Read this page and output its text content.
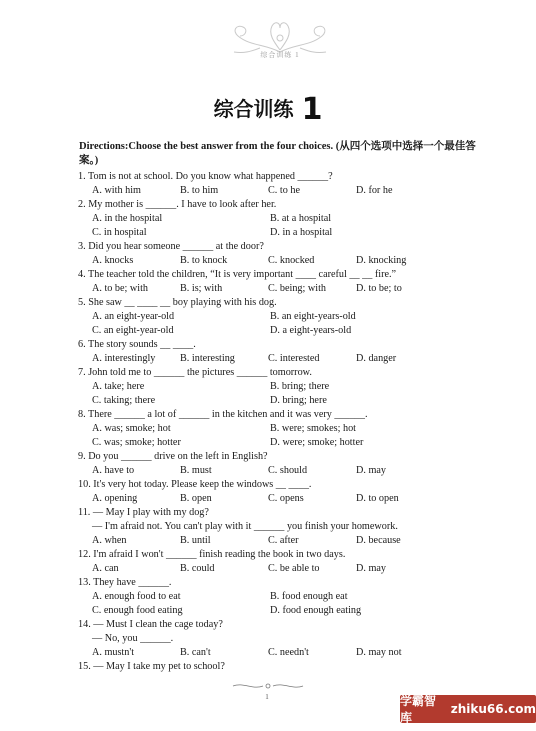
综合训练 1
综合训练 1
Directions:Choose the best answer from the four choices. (从四个选项中选择一个最佳答案。)
1. Tom is not at school. Do you know what happened ______?
A. with him	B. to him	C. to he	D. for he
2. My mother is ______. I have to look after her.
A. in the hospital	B. at a hospital
C. in hospital	D. in a hospital
3. Did you hear someone ______ at the door?
A. knocks	B. to knock	C. knocked	D. knocking
4. The teacher told the children, “It is very important ____ careful __ __ fire.”
A. to be; with	B. is; with	C. being; with	D. to be; to
5. She saw __ ____ __ boy playing with his dog.
A. an eight-year-old	B. an eight-years-old
C. an eight-year-old	D. a eight-years-old
6. The story sounds __ ____.
A. interestingly	B. interesting	C. interested	D. danger
7. John told me to ______ the pictures ______ tomorrow.
A. take; here	B. bring; there
C. taking; there	D. bring; here
8. There ______ a lot of ______ in the kitchen and it was very ______.
A. was; smoke; hot	B. were; smokes; hot
C. was; smoke; hotter	D. were; smoke; hotter
9. Do you ______ drive on the left in English?
A. have to	B. must	C. should	D. may
10. It's very hot today. Please keep the windows __ ____.
A. opening	B. open	C. opens	D. to open
11. — May I play with my dog?
— I'm afraid not. You can't play with it ______ you finish your homework.
A. when	B. until	C. after	D. because
12. I'm afraid I won't ______ finish reading the book in two days.
A. can	B. could	C. be able to	D. may
13. They have ______.
A. enough food to eat	B. food enough eat
C. enough food eating	D. food enough eating
14. — Must I clean the cage today?
— No, you ______.
A. mustn't	B. can't	C. needn't	D. may not
15. — May I take my pet to school?
1	学霸智库
zhiku66.com
